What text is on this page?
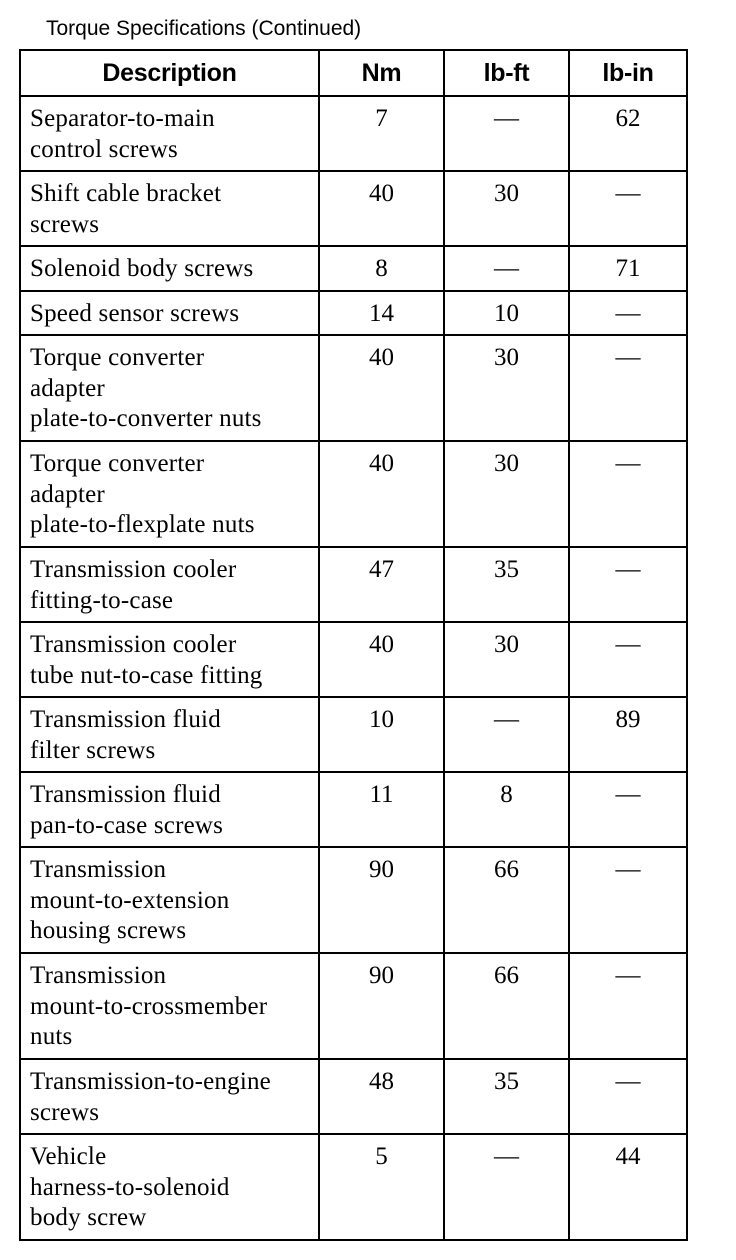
Torque Specifications (Continued)
Description	Nm	lb-ft	lb-in
Separator-to-main
control screws	7	—	62
Shift cable bracket
screws	40	30	—
Solenoid body screws	8	—	71
Speed sensor screws	14	10	—
Torque converter
adapter
plate-to-converter nuts	40	30	—
Torque converter
adapter
plate-to-flexplate nuts	40	30	—
Transmission cooler
fitting-to-case	47	35	—
Transmission cooler
tube nut-to-case fitting	40	30	—
Transmission fluid
filter screws	10	—	89
Transmission fluid
pan-to-case screws	11	8	—
Transmission
mount-to-extension
housing screws	90	66	—
Transmission
mount-to-crossmember
nuts	90	66	—
Transmission-to-engine
screws	48	35	—
Vehicle
harness-to-solenoid
body screw	5	—	44
